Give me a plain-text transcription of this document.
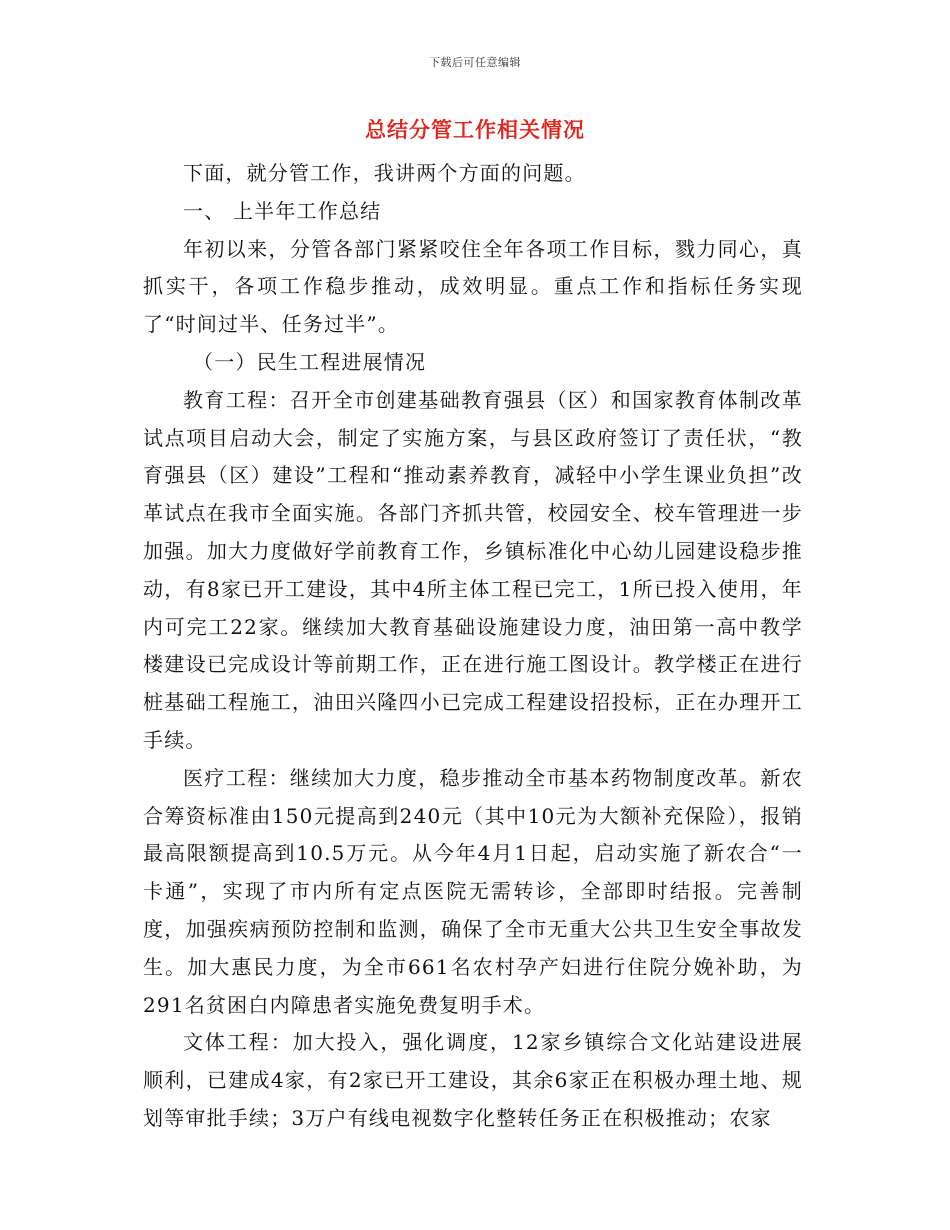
下载后可任意编辑
总结分管工作相关情况

下面，就分管工作，我讲两个方面的问题。

一、 上半年工作总结

年初以来，分管各部门紧紧咬住全年各项工作目标，戮力同心，真抓实干，各项工作稳步推动，成效明显。重点工作和指标任务实现了“时间过半、任务过半”。

（一）民生工程进展情况

教育工程：召开全市创建基础教育强县（区）和国家教育体制改革试点项目启动大会，制定了实施方案，与县区政府签订了责任状，“教育强县（区）建设”工程和“推动素养教育，减轻中小学生课业负担”改革试点在我市全面实施。各部门齐抓共管，校园安全、校车管理进一步加强。加大力度做好学前教育工作，乡镇标准化中心幼儿园建设稳步推动，有8家已开工建设，其中4所主体工程已完工，1所已投入使用，年内可完工22家。继续加大教育基础设施建设力度，油田第一高中教学楼建设已完成设计等前期工作，正在进行施工图设计。教学楼正在进行桩基础工程施工，油田兴隆四小已完成工程建设招投标，正在办理开工手续。

医疗工程：继续加大力度，稳步推动全市基本药物制度改革。新农合筹资标准由150元提高到240元（其中10元为大额补充保险），报销最高限额提高到10.5万元。从今年4月1日起，启动实施了新农合“一卡通”，实现了市内所有定点医院无需转诊，全部即时结报。完善制度，加强疾病预防控制和监测，确保了全市无重大公共卫生安全事故发生。加大惠民力度，为全市661名农村孕产妇进行住院分娩补助，为291名贫困白内障患者实施免费复明手术。

文体工程：加大投入，强化调度，12家乡镇综合文化站建设进展顺利，已建成4家，有2家已开工建设，其余6家正在积极办理土地、规划等审批手续；3万户有线电视数字化整转任务正在积极推动；农家
